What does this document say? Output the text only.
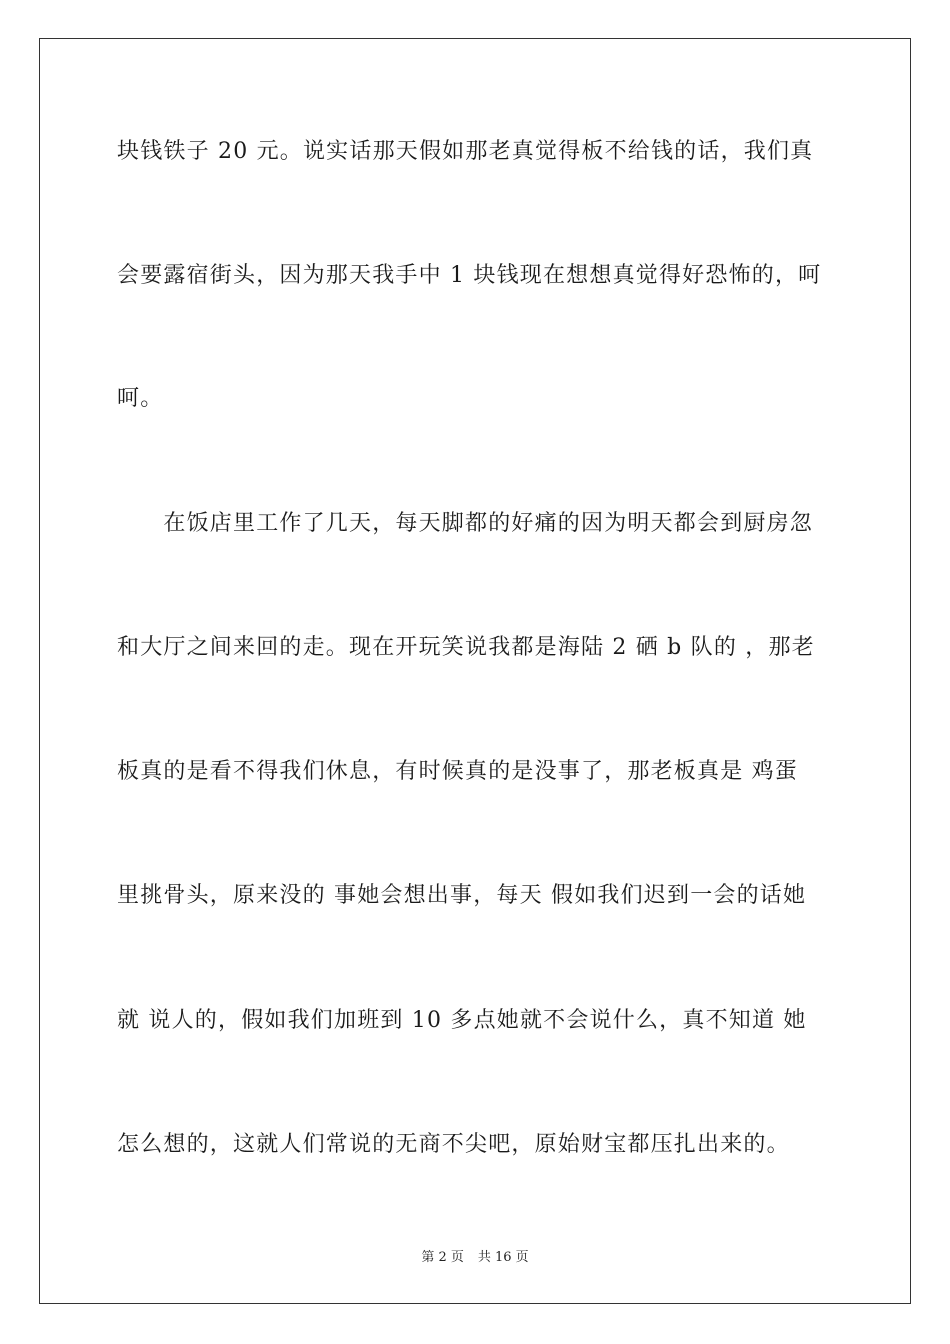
块钱铁子 20 元。说实话那天假如那老真觉得板不给钱的话，我们真
会要露宿街头，因为那天我手中 1 块钱现在想想真觉得好恐怖的，呵
呵。
　　在饭店里工作了几天，每天脚都的好痛的因为明天都会到厨房忽
和大厅之间来回的走。现在开玩笑说我都是海陆 2 硒 b 队的 ，那老
板真的是看不得我们休息，有时候真的是没事了，那老板真是 鸡蛋
里挑骨头，原来没的 事她会想出事，每天 假如我们迟到一会的话她
就 说人的，假如我们加班到 10 多点她就不会说什么，真不知道 她
怎么想的，这就人们常说的无商不尖吧，原始财宝都压扎出来的。
第 2 页 共 16 页
